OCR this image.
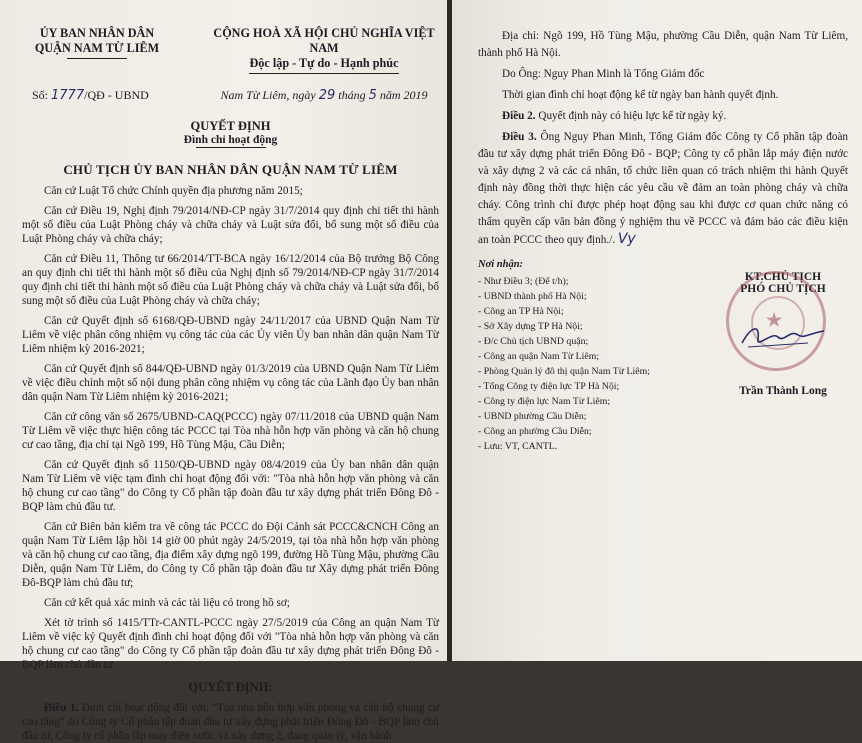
ỦY BAN NHÂN DÂN
QUẬN NAM TỪ LIÊM
CỘNG HOÀ XÃ HỘI CHỦ NGHĨA VIỆT NAM
Độc lập - Tự do - Hạnh phúc
Số: 1777/QĐ - UBND	Nam Từ Liêm, ngày 29 tháng 5 năm 2019
QUYẾT ĐỊNH
Đình chỉ hoạt động
CHỦ TỊCH ỦY BAN NHÂN DÂN QUẬN NAM TỪ LIÊM

Căn cứ Luật Tổ chức Chính quyền địa phương năm 2015;

Căn cứ Điều 19, Nghị định 79/2014/NĐ-CP ngày 31/7/2014 quy định chi tiết thi hành một số điều của Luật Phòng cháy và chữa cháy và Luật sửa đổi, bổ sung một số điều của Luật Phòng cháy và chữa cháy;

Căn cứ Điều 11, Thông tư 66/2014/TT-BCA ngày 16/12/2014 của Bộ trưởng Bộ Công an quy định chi tiết thi hành một số điều của Nghị định số 79/2014/NĐ-CP ngày 31/7/2014 quy định chi tiết thi hành một số điều của Luật Phòng cháy và chữa cháy và Luật sửa đổi, bổ sung một số điều của Luật Phòng cháy và chữa cháy;

Căn cứ Quyết định số 6168/QĐ-UBND ngày 24/11/2017 của UBND Quận Nam Từ Liêm về việc phân công nhiệm vụ công tác của các Ủy viên Ủy ban nhân dân quận Nam Từ Liêm nhiệm kỳ 2016-2021;

Căn cứ Quyết định số 844/QĐ-UBND ngày 01/3/2019 của UBND Quận Nam Từ Liêm về việc điều chỉnh một số nội dung phân công nhiệm vụ công tác của Lãnh đạo Ủy ban nhân dân quận Nam Từ Liêm nhiệm kỳ 2016-2021;

Căn cứ công văn số 2675/UBND-CAQ(PCCC) ngày 07/11/2018 của UBND quận Nam Từ Liêm về việc thực hiện công tác PCCC tại Tòa nhà hỗn hợp văn phòng và căn hộ chung cư cao tầng, địa chỉ tại Ngõ 199, Hồ Tùng Mậu, Cầu Diễn;

Căn cứ Quyết định số 1150/QĐ-UBND ngày 08/4/2019 của Ủy ban nhân dân quận Nam Từ Liêm về việc tạm đình chỉ hoạt động đối với: "Tòa nhà hỗn hợp văn phòng và căn hộ chung cư cao tầng" do Công ty Cổ phần tập đoàn đầu tư xây dựng phát triển Đông Đô - BQP làm chủ đầu tư.

Căn cứ Biên bản kiểm tra về công tác PCCC do Đội Cảnh sát PCCC&CNCH Công an quận Nam Từ Liêm lập hồi 14 giờ 00 phút ngày 24/5/2019, tại tòa nhà hỗn hợp văn phòng và căn hộ chung cư cao tầng, địa điểm xây dựng ngõ 199, đường Hồ Tùng Mậu, phường Cầu Diễn, quận Nam Từ Liêm, do Công ty Cổ phần tập đoàn đầu tư Xây dựng phát triển Đông Đô-BQP làm chủ đầu tư;

Căn cứ kết quả xác minh và các tài liệu có trong hồ sơ;

Xét tờ trình số 1415/TTr-CANTL-PCCC ngày 27/5/2019 của Công an quận Nam Từ Liêm về việc ký Quyết định đình chỉ hoạt động đối với "Tòa nhà hỗn hợp văn phòng và căn hộ chung cư cao tầng" do Công ty Cổ phần tập đoàn đầu tư xây dựng phát triển Đông Đô - BQP làm chủ đầu tư.

QUYẾT ĐỊNH:

Điều 1. Đình chỉ hoạt động đối với: "Tòa nhà hỗn hợp văn phòng và căn hộ chung cư cao tầng" do Công ty Cổ phần tập đoàn đầu tư xây dựng phát triển Đông Đô - BQP làm chủ đầu tư, Công ty cổ phần lắp máy điện nước và xây dựng 2, đang quản lý, vận hành.

Địa chỉ: Ngõ 199, Hồ Tùng Mậu, phường Cầu Diễn, quận Nam Từ Liêm, thành phố Hà Nội.

Do Ông: Nguy Phan Minh là Tổng Giám đốc

Thời gian đình chỉ hoạt động kể từ ngày ban hành quyết định.

Điều 2. Quyết định này có hiệu lực kể từ ngày ký.

Điều 3. Ông Nguy Phan Minh, Tổng Giám đốc Công ty Cổ phần tập đoàn đầu tư xây dựng phát triển Đông Đô - BQP; Công ty cổ phần lắp máy điện nước và xây dựng 2 và các cá nhân, tổ chức liên quan có trách nhiệm thi hành Quyết định này đồng thời thực hiện các yêu cầu về đảm an toàn phòng cháy và chữa cháy. Công trình chỉ được phép hoạt động sau khi được cơ quan chức năng có thẩm quyền cấp văn bản đồng ý nghiệm thu về PCCC và đảm bảo các điều kiện an toàn PCCC theo quy định./. Vy

Nơi nhận:
- Như Điều 3; (Để t/h);
- UBND thành phố Hà Nội;
- Công an TP Hà Nội;
- Sở Xây dựng TP Hà Nội;
- Đ/c Chủ tịch UBND quận;
- Công an quận Nam Từ Liêm;
- Phòng Quản lý đô thị quận Nam Từ Liêm;
- Tổng Công ty điện lực TP Hà Nội;
- Công ty điện lực Nam Từ Liêm;
- UBND phường Cầu Diễn;
- Công an phường Cầu Diễn;
- Lưu: VT, CANTL.
★
KT.CHỦ TỊCH
PHÓ CHỦ TỊCH
Trần Thành Long
